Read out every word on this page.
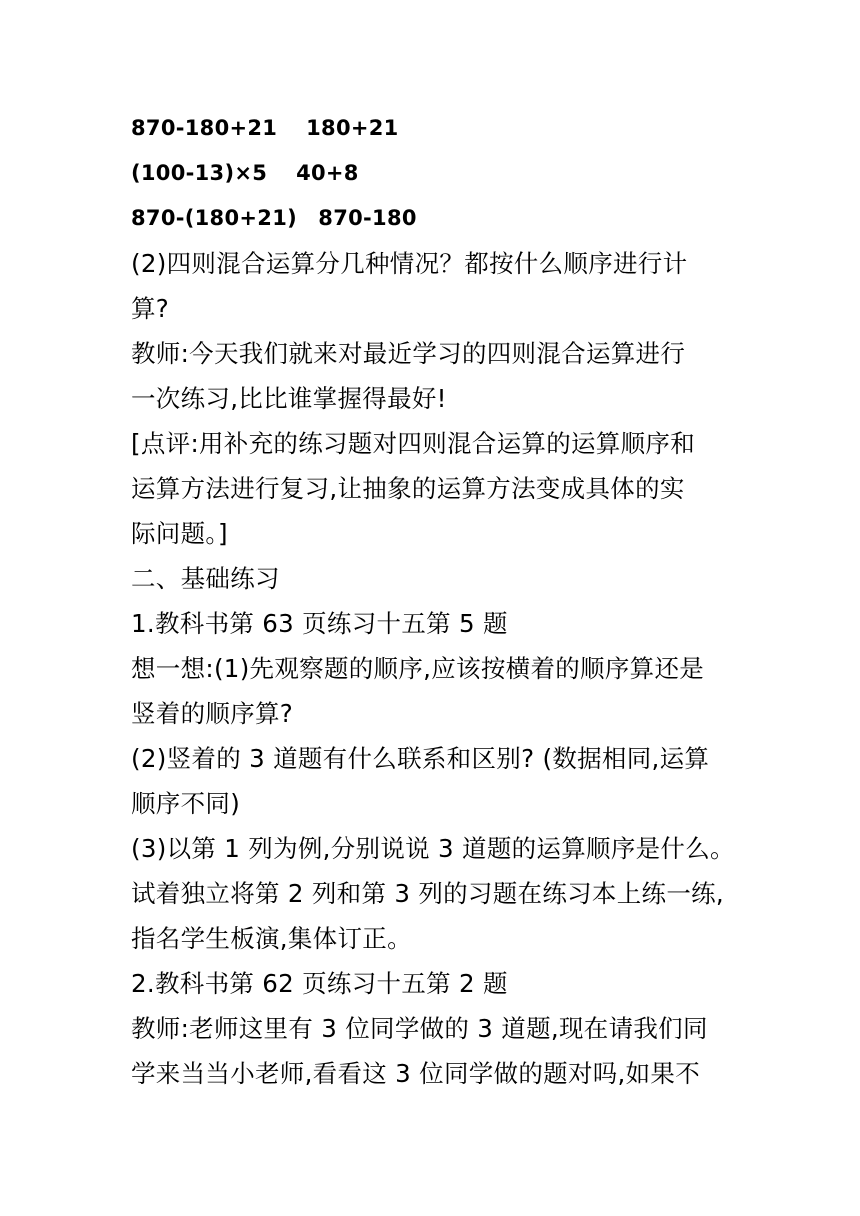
870-180+21　 180+21
(100-13)×5　 40+8
870-(180+21)　870-180
(2)四则混合运算分几种情况？都按什么顺序进行计
算?
教师:今天我们就来对最近学习的四则混合运算进行
一次练习,比比谁掌握得最好!
[点评:用补充的练习题对四则混合运算的运算顺序和
运算方法进行复习,让抽象的运算方法变成具体的实
际问题。]
二、基础练习
1.教科书第 63 页练习十五第 5 题
想一想:(1)先观察题的顺序,应该按横着的顺序算还是
竖着的顺序算?
(2)竖着的 3 道题有什么联系和区别? (数据相同,运算
顺序不同)
(3)以第 1 列为例,分别说说 3 道题的运算顺序是什么。
试着独立将第 2 列和第 3 列的习题在练习本上练一练,
指名学生板演,集体订正。
2.教科书第 62 页练习十五第 2 题
教师:老师这里有 3 位同学做的 3 道题,现在请我们同
学来当当小老师,看看这 3 位同学做的题对吗,如果不
